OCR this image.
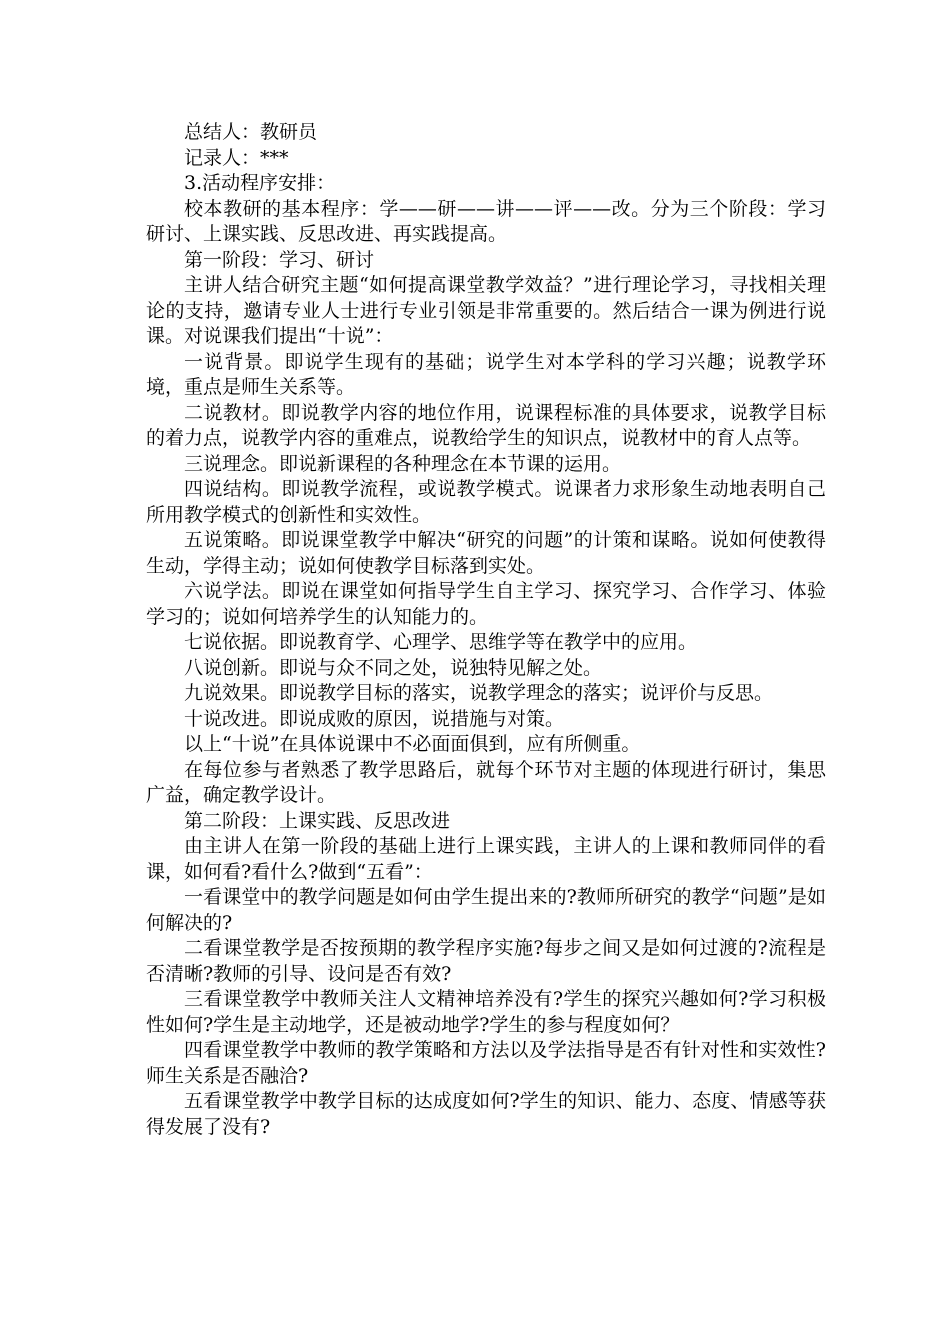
总结人：教研员

记录人：***

3.活动程序安排：

校本教研的基本程序：学——研——讲——评——改。分为三个阶段：学习研讨、上课实践、反思改进、再实践提高。

第一阶段：学习、研讨

主讲人结合研究主题“如何提高课堂教学效益？”进行理论学习，寻找相关理论的支持，邀请专业人士进行专业引领是非常重要的。然后结合一课为例进行说课。对说课我们提出“十说”：

一说背景。即说学生现有的基础；说学生对本学科的学习兴趣；说教学环境，重点是师生关系等。

二说教材。即说教学内容的地位作用，说课程标准的具体要求，说教学目标的着力点，说教学内容的重难点，说教给学生的知识点，说教材中的育人点等。

三说理念。即说新课程的各种理念在本节课的运用。

四说结构。即说教学流程，或说教学模式。说课者力求形象生动地表明自己所用教学模式的创新性和实效性。

五说策略。即说课堂教学中解决“研究的问题”的计策和谋略。说如何使教得生动，学得主动；说如何使教学目标落到实处。

六说学法。即说在课堂如何指导学生自主学习、探究学习、合作学习、体验学习的；说如何培养学生的认知能力的。

七说依据。即说教育学、心理学、思维学等在教学中的应用。

八说创新。即说与众不同之处，说独特见解之处。

九说效果。即说教学目标的落实，说教学理念的落实；说评价与反思。

十说改进。即说成败的原因，说措施与对策。

以上“十说”在具体说课中不必面面俱到，应有所侧重。

在每位参与者熟悉了教学思路后，就每个环节对主题的体现进行研讨，集思广益，确定教学设计。

第二阶段：上课实践、反思改进

由主讲人在第一阶段的基础上进行上课实践，主讲人的上课和教师同伴的看课，如何看?看什么?做到“五看”：

一看课堂中的教学问题是如何由学生提出来的?教师所研究的教学“问题”是如何解决的?

二看课堂教学是否按预期的教学程序实施?每步之间又是如何过渡的?流程是否清晰?教师的引导、设问是否有效?

三看课堂教学中教师关注人文精神培养没有?学生的探究兴趣如何?学习积极性如何?学生是主动地学，还是被动地学?学生的参与程度如何？

四看课堂教学中教师的教学策略和方法以及学法指导是否有针对性和实效性?师生关系是否融洽?

五看课堂教学中教学目标的达成度如何?学生的知识、能力、态度、情感等获得发展了没有?
